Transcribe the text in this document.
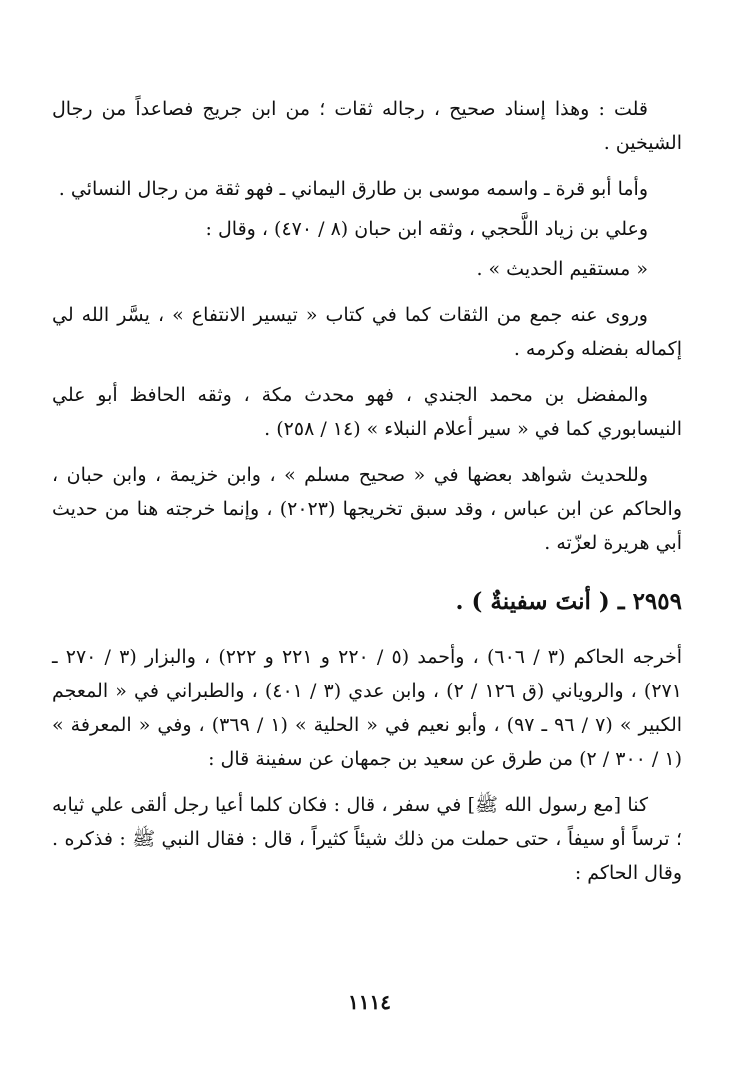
قلت : وهذا إسناد صحيح ، رجاله ثقات ؛ من ابن جريج فصاعداً من رجال الشيخين .

وأما أبو قرة ـ واسمه موسى بن طارق اليماني ـ فهو ثقة من رجال النسائي .

وعلي بن زياد اللَّحجي ، وثقه ابن حبان (٨ / ٤٧٠) ، وقال :

« مستقيم الحديث » .

وروى عنه جمع من الثقات كما في كتاب « تيسير الانتفاع » ، يسَّر الله لي إكماله بفضله وكرمه .

والمفضل بن محمد الجندي ، فهو محدث مكة ، وثقه الحافظ أبو علي النيسابوري كما في « سير أعلام النبلاء » (١٤ / ٢٥٨) .

وللحديث شواهد بعضها في « صحيح مسلم » ، وابن خزيمة ، وابن حبان ، والحاكم عن ابن عباس ، وقد سبق تخريجها (٢٠٢٣) ، وإنما خرجته هنا من حديث أبي هريرة لعزّته .

٢٩٥٩ ـ ( أنتَ سفينةٌ ) .

أخرجه الحاكم (٣ / ٦٠٦) ، وأحمد (٥ / ٢٢٠ و ٢٢١ و ٢٢٢) ، والبزار (٣ / ٢٧٠ ـ ٢٧١) ، والروياني (ق ١٢٦ / ٢) ، وابن عدي (٣ / ٤٠١) ، والطبراني في « المعجم الكبير » (٧ / ٩٦ ـ ٩٧) ، وأبو نعيم في « الحلية » (١ / ٣٦٩) ، وفي « المعرفة » (١ / ٣٠٠ / ٢) من طرق عن سعيد بن جمهان عن سفينة قال :

كنا [مع رسول الله ﷺ] في سفر ، قال : فكان كلما أعيا رجل ألقى علي ثيابه ؛ ترساً أو سيفاً ، حتى حملت من ذلك شيئاً كثيراً ، قال : فقال النبي ﷺ : فذكره . وقال الحاكم :

١١١٤
